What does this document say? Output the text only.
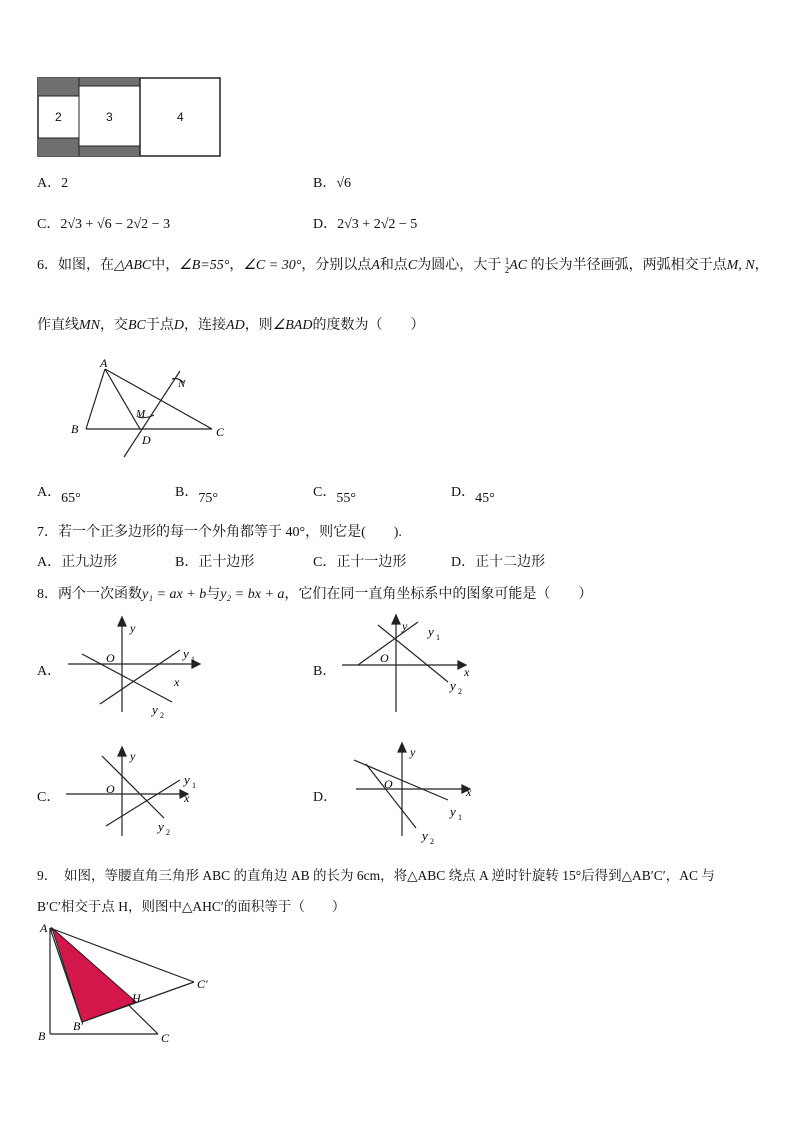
2	3	4
A．2	B．√6
C．2√3 + √6 − 2√2 − 3	D．2√3 + 2√2 − 5
6．如图，在△ABC中，∠B=55°，∠C = 30°，分别以点A和点C为圆心，大于 1
2AC 的长为半径画弧，两弧相交于点M, N，
作直线MN，交BC于点D，连接AD，则∠BAD的度数为（　　）
A
B	C
D
M
N
A．65°	B．75°	C．55°	D．45°
7．若一个正多边形的每一个外角都等于 40°，则它是(　　).
A．正九边形	B．正十边形	C．正十一边形	D．正十二边形
8．两个一次函数y₁ = ax + b与y₂ = bx + a，它们在同一直角坐标系中的图象可能是（　　）
A．
y
O
x
y 1
y 2
B．
y
O
x
y 1
y 2
C．
y
O
x
y 1
y 2
D．
y
O
x
y 1
y 2
9．　如图，等腰直角三角形 ABC 的直角边 AB 的长为 6cm，将△ABC 绕点 A 逆时针旋转 15°后得到△AB′C′，AC 与
B′C′相交于点 H，则图中△AHC′的面积等于（　　）
A
B	C
B′
C′
H
